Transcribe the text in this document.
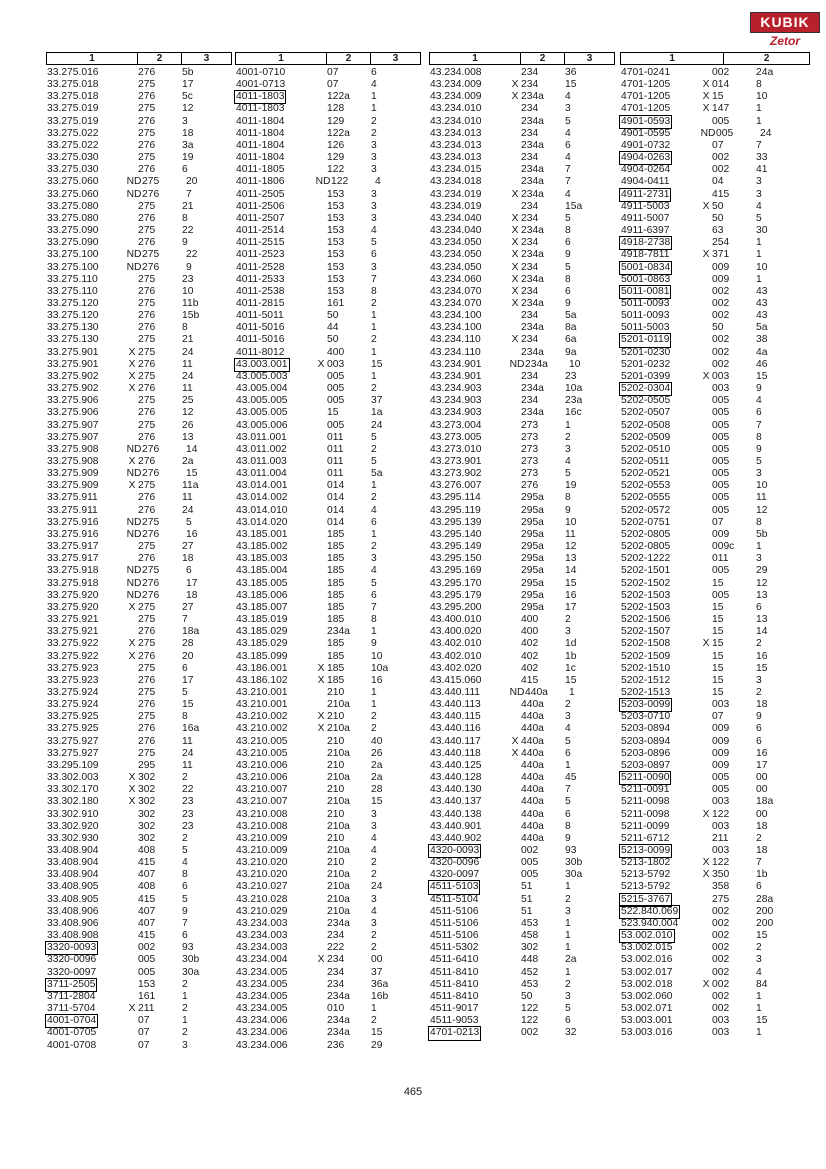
KUBIK
Zetor
1	2	3
33.275.016	276	5b
33.275.018	275	17
33.275.018	276	5c
33.275.019	275	12
33.275.019	276	3
33.275.022	275	18
33.275.022	276	3a
33.275.030	275	19
33.275.030	276	6
33.275.060	ND 275	20
33.275.060	ND 276	7
33.275.080	275	21
33.275.080	276	8
33.275.090	275	22
33.275.090	276	9
33.275.100	ND 275	22
33.275.100	ND 276	9
33.275.110	275	23
33.275.110	276	10
33.275.120	275	11b
33.275.120	276	15b
33.275.130	276	8
33.275.130	275	21
33.275.901	X 275	24
33.275.901	X 276	11
33.275.902	X 275	24
33.275.902	X 276	11
33.275.906	275	25
33.275.906	276	12
33.275.907	275	26
33.275.907	276	13
33.275.908	ND 276	14
33.275.908	X 276	2a
33.275.909	ND 276	15
33.275.909	X 275	11a
33.275.911	276	11
33.275.911	276	24
33.275.916	ND 275	5
33.275.916	ND 276	16
33.275.917	275	27
33.275.917	276	18
33.275.918	ND 275	6
33.275.918	ND 276	17
33.275.920	ND 276	18
33.275.920	X 275	27
33.275.921	275	7
33.275.921	276	18a
33.275.922	X 275	28
33.275.922	X 276	20
33.275.923	275	6
33.275.923	276	17
33.275.924	275	5
33.275.924	276	15
33.275.925	275	8
33.275.925	276	16a
33.275.927	276	11
33.275.927	275	24
33.295.109	295	11
33.302.003	X 302	2
33.302.170	X 302	22
33.302.180	X 302	23
33.302.910	302	23
33.302.920	302	23
33.302.930	302	2
33.408.904	408	5
33.408.904	415	4
33.408.904	407	8
33.408.905	408	6
33.408.905	415	5
33.408.906	407	9
33.408.906	407	7
33.408.908	415	6
3320-0093	002	93
3320-0096	005	30b
3320-0097	005	30a
3711-2505	153	2
3711-2804	161	1
3711-5704	X 211	2
4001-0704	07	1
4001-0705	07	2
4001-0708	07	3
1	2	3
4001-0710	07	6
4001-0713	07	4
4011-1803	122a	1
4011-1803	128	1
4011-1804	129	2
4011-1804	122a	2
4011-1804	126	3
4011-1804	129	3
4011-1805	122	3
4011-1806	ND 122	4
4011-2505	153	3
4011-2506	153	3
4011-2507	153	3
4011-2514	153	4
4011-2515	153	5
4011-2523	153	6
4011-2528	153	3
4011-2533	153	7
4011-2538	153	8
4011-2815	161	2
4011-5011	50	1
4011-5016	44	1
4011-5016	50	2
4011-8012	400	1
43.003.001	X 003	15
43.005.003	005	1
43.005.004	005	2
43.005.005	005	37
43.005.005	15	1a
43.005.006	005	24
43.011.001	011	5
43.011.002	011	2
43.011.003	011	5
43.011.004	011	5a
43.014.001	014	1
43.014.002	014	2
43.014.010	014	4
43.014.020	014	6
43.185.001	185	1
43.185.002	185	2
43.185.003	185	3
43.185.004	185	4
43.185.005	185	5
43.185.006	185	6
43.185.007	185	7
43.185.019	185	8
43.185.029	234a	1
43.185.029	185	9
43.185.099	185	10
43.186.001	X 185	10a
43.186.102	X 185	16
43.210.001	210	1
43.210.001	210a	1
43.210.002	X 210	2
43.210.002	X 210a	2
43.210.005	210	40
43.210.005	210a	26
43.210.006	210	2a
43.210.006	210a	2a
43.210.007	210	28
43.210.007	210a	15
43.210.008	210	3
43.210.008	210a	3
43.210.009	210	4
43.210.009	210a	4
43.210.020	210	2
43.210.020	210a	2
43.210.027	210a	24
43.210.028	210a	3
43.210.029	210a	4
43.234.003	234a	3
43.234.003	234	2
43.234.003	222	2
43.234.004	X 234	00
43.234.005	234	37
43.234.005	234	36a
43.234.005	234a	16b
43.234.005	010	1
43.234.006	234a	2
43.234.006	234a	15
43.234.006	236	29
1	2	3
43.234.008	234	36
43.234.009	X 234	15
43.234.009	X 234a	4
43.234.010	234	3
43.234.010	234a	5
43.234.013	234	4
43.234.013	234a	6
43.234.013	234	4
43.234.015	234a	7
43.234.018	234a	7
43.234.019	X 234a	4
43.234.019	234	15a
43.234.040	X 234	5
43.234.040	X 234a	8
43.234.050	X 234	6
43.234.050	X 234a	9
43.234.050	X 234	5
43.234.060	X 234a	8
43.234.070	X 234	6
43.234.070	X 234a	9
43.234.100	234	5a
43.234.100	234a	8a
43.234.110	X 234	6a
43.234.110	234a	9a
43.234.901	ND 234a	10
43.234.901	234	23
43.234.903	234a	10a
43.234.903	234	23a
43.234.903	234a	16c
43.273.004	273	1
43.273.005	273	2
43.273.010	273	3
43.273.901	273	4
43.273.902	273	5
43.276.007	276	19
43.295.114	295a	8
43.295.119	295a	9
43.295.139	295a	10
43.295.140	295a	11
43.295.149	295a	12
43.295.150	295a	13
43.295.169	295a	14
43.295.170	295a	15
43.295.179	295a	16
43.295.200	295a	17
43.400.010	400	2
43.400.020	400	3
43.402.010	402	1d
43.402.010	402	1b
43.402.020	402	1c
43.415.060	415	15
43.440.111	ND 440a	1
43.440.113	440a	2
43.440.115	440a	3
43.440.116	440a	4
43.440.117	X 440a	5
43.440.118	X 440a	6
43.440.125	440a	1
43.440.128	440a	45
43.440.130	440a	7
43.440.137	440a	5
43.440.138	440a	6
43.440.901	440a	8
43.440.902	440a	9
4320-0093	002	93
4320-0096	005	30b
4320-0097	005	30a
4511-5103	51	1
4511-5104	51	2
4511-5106	51	3
4511-5106	453	1
4511-5106	458	1
4511-5302	302	1
4511-6410	448	2a
4511-8410	452	1
4511-8410	453	2
4511-8410	50	3
4511-9017	122	5
4511-9053	122	6
4701-0213	002	32
1	2
4701-0241	002	24a
4701-1205	X 014	8
4701-1205	X 15	10
4701-1205	X 147	1
4901-0593	005	1
4901-0595	ND 005	24
4901-0732	07	7
4904-0263	002	33
4904-0264	002	41
4904-0411	04	3
4911-2731	415	3
4911-5003	X 50	4
4911-5007	50	5
4911-6397	63	30
4918-2738	254	1
4918-7811	X 371	1
5001-0834	009	10
5001-0863	009	1
5011-0081	002	43
5011-0093	002	43
5011-0093	002	43
5011-5003	50	5a
5201-0119	002	38
5201-0230	002	4a
5201-0232	002	46
5201-0399	X 003	15
5202-0304	003	9
5202-0505	005	4
5202-0507	005	6
5202-0508	005	7
5202-0509	005	8
5202-0510	005	9
5202-0511	005	5
5202-0521	005	3
5202-0553	005	10
5202-0555	005	11
5202-0572	005	12
5202-0751	07	8
5202-0805	009	5b
5202-0805	009c	1
5202-1222	011	3
5202-1501	005	29
5202-1502	15	12
5202-1503	005	13
5202-1503	15	6
5202-1506	15	13
5202-1507	15	14
5202-1508	X 15	2
5202-1509	15	16
5202-1510	15	15
5202-1512	15	3
5202-1513	15	2
5203-0099	003	18
5203-0710	07	9
5203-0894	009	6
5203-0894	009	6
5203-0896	009	16
5203-0897	009	17
5211-0090	005	00
5211-0091	005	00
5211-0098	003	18a
5211-0098	X 122	00
5211-0099	003	18
5211-6712	211	2
5213-0099	003	18
5213-1802	X 122	7
5213-5792	X 350	1b
5213-5792	358	6
5215-3767	275	28a
522.840.069	002	200
523.940.004	002	200
53.002.010	002	15
53.002.015	002	2
53.002.016	002	3
53.002.017	002	4
53.002.018	X 002	84
53.002.060	002	1
53.002.071	002	1
53.003.001	003	15
53.003.016	003	1
465
